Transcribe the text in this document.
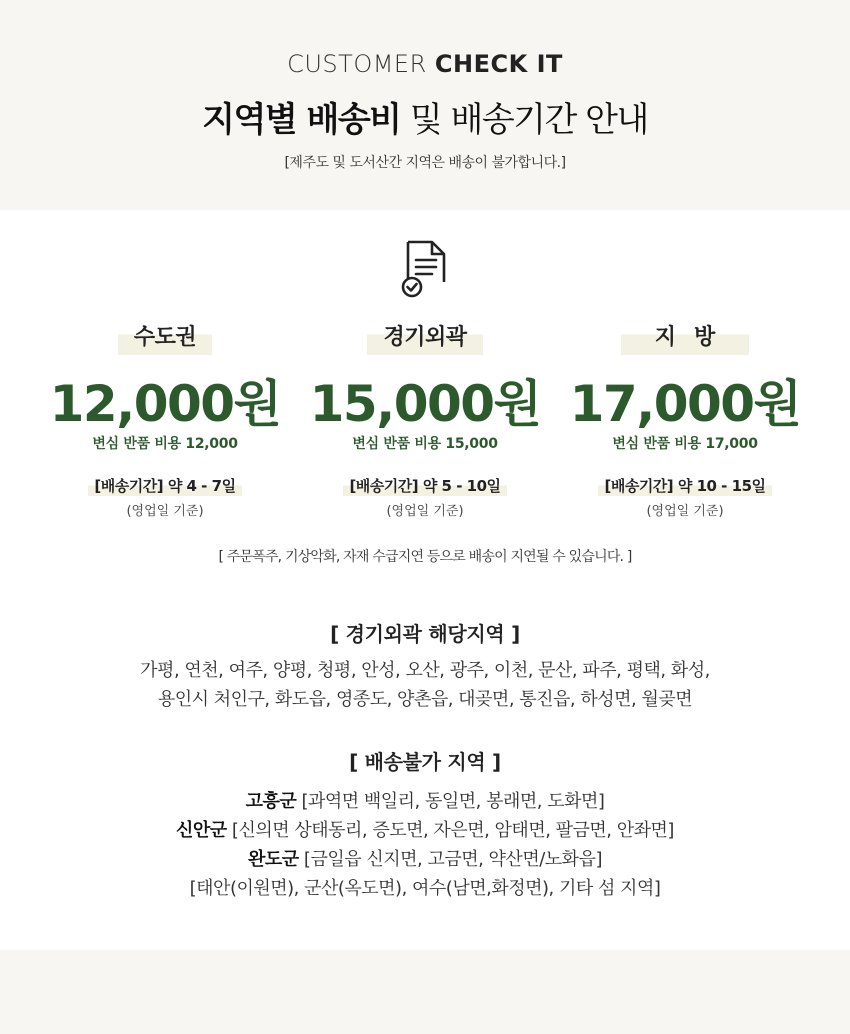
CUSTOMER CHECK IT
지역별 배송비 및 배송기간 안내
[제주도 및 도서산간 지역은 배송이 불가합니다.]
수도권
12,000원
변심 반품 비용 12,000
[배송기간] 약 4 - 7일
(영업일 기준)
경기외곽
15,000원
변심 반품 비용 15,000
[배송기간] 약 5 - 10일
(영업일 기준)
지방
17,000원
변심 반품 비용 17,000
[배송기간] 약 10 - 15일
(영업일 기준)
[ 주문폭주, 기상악화, 자재 수급지연 등으로 배송이 지연될 수 있습니다. ]
[ 경기외곽 해당지역 ]
가평, 연천, 여주, 양평, 청평, 안성, 오산, 광주, 이천, 문산, 파주, 평택, 화성,
용인시 처인구, 화도읍, 영종도, 양촌읍, 대곶면, 통진읍, 하성면, 월곶면
[ 배송불가 지역 ]
고흥군 [과역면 백일리, 동일면, 봉래면, 도화면]
신안군 [신의면 상태동리, 증도면, 자은면, 암태면, 팔금면, 안좌면]
완도군 [금일읍 신지면, 고금면, 약산면/노화읍]
[태안(이원면), 군산(옥도면), 여수(남면,화정면), 기타 섬 지역]
